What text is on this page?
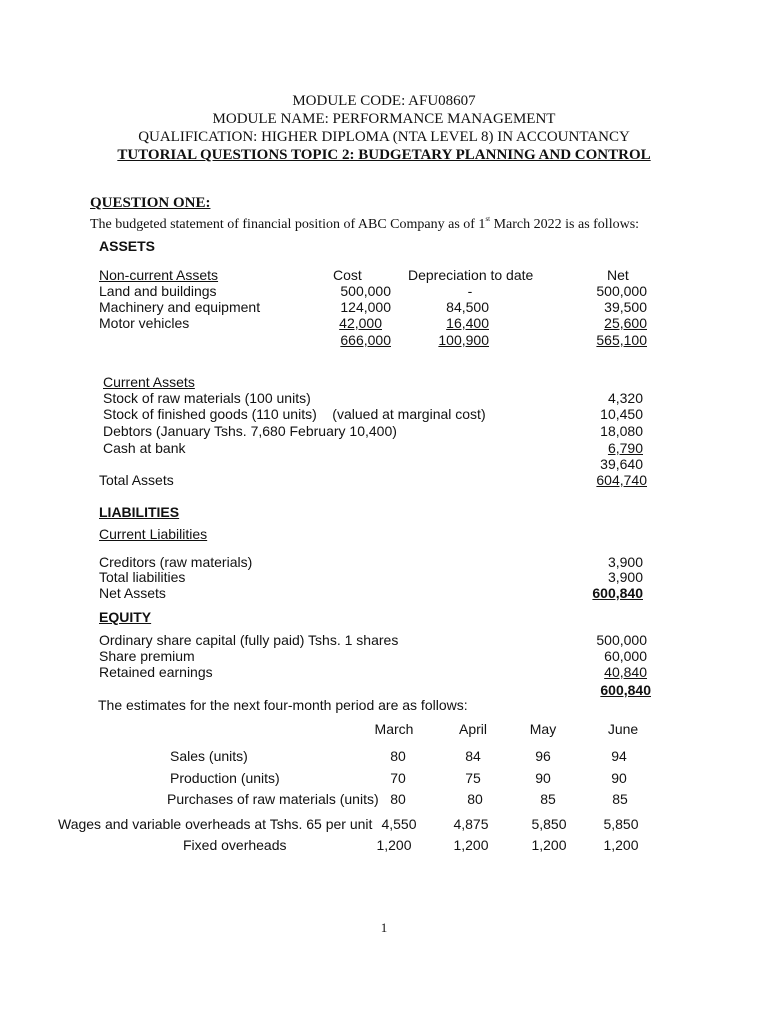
MODULE CODE: AFU08607
MODULE NAME: PERFORMANCE MANAGEMENT
QUALIFICATION: HIGHER DIPLOMA (NTA LEVEL 8) IN ACCOUNTANCY
TUTORIAL QUESTIONS TOPIC 2: BUDGETARY PLANNING AND CONTROL
QUESTION ONE:
The budgeted statement of financial position of ABC Company as of 1st March 2022 is as follows:
ASSETS
Non-current Assets	Cost	Depreciation to date	Net
Land and buildings	500,000	-	500,000
Machinery and equipment	124,000	84,500	39,500
Motor vehicles	42,000	16,400	25,600
666,000	100,900	565,100
Current Assets
Stock of raw materials (100 units)	4,320
Stock of finished goods (110 units)    (valued at marginal cost)	10,450
Debtors (January Tshs. 7,680 February 10,400)	18,080
Cash at bank	6,790
39,640
Total Assets	604,740
LIABILITIES
Current Liabilities
Creditors (raw materials)	3,900
Total liabilities	3,900
Net Assets	600,840
EQUITY
Ordinary share capital (fully paid) Tshs. 1 shares	500,000
Share premium	60,000
Retained earnings	40,840
600,840
The estimates for the next four-month period are as follows:
March	April	May	June
Sales (units)	80	84	96	94
Production (units)	70	75	90	90
Purchases of raw materials (units) 80	80	85	85
Wages and variable overheads at Tshs. 65 per unit 4,550	4,875	5,850	5,850
Fixed overheads	1,200	1,200	1,200	1,200
1
